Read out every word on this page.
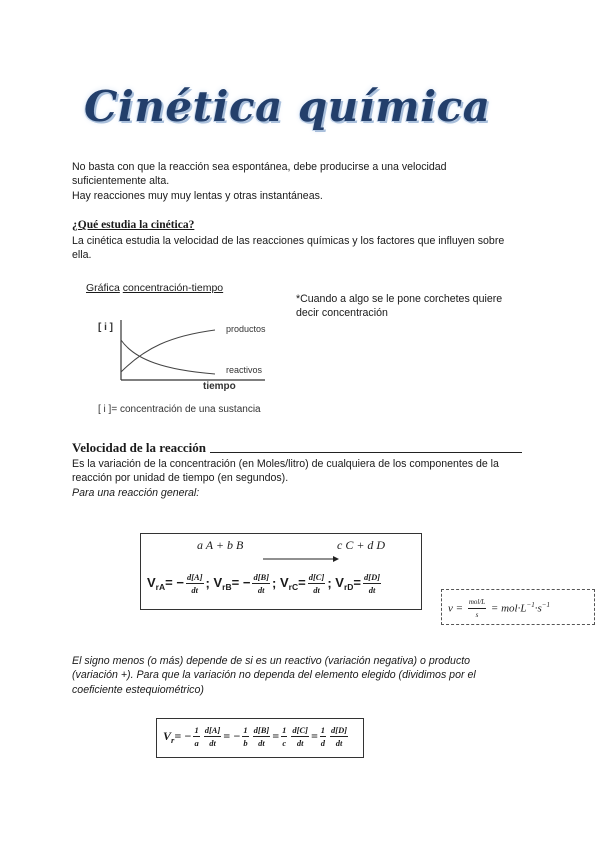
Cinética química
No basta con que la reacción sea espontánea, debe producirse a una velocidad
suficientemente alta.
Hay reacciones muy muy lentas y otras instantáneas.
¿Qué estudia la cinética?
La cinética estudia la velocidad de las reacciones químicas y los factores que influyen sobre
ella.
Gráfica concentración-tiempo
[ i ]	productos
reactivos
tiempo
[ i ]= concentración de una sustancia
*Cuando a algo se le pone corchetes quiere
decir concentración
Velocidad de la reacción
Es la variación de la concentración (en Moles/litro) de cualquiera de los componentes de la
reacción por unidad de tiempo (en segundos).
Para una reacción general:
a A + b B	c C + d D
$V_{rA}= - \frac{d[A]}{dt}$ ; $V_{rB}= - \frac{d[B]}{dt}$ ; $V_{rC}= \frac{d[C]}{dt}$ ; $V_{rD}= \frac{d[D]}{dt}$
$v = \frac{\text{mol/L}}{s} = mol\cdot L^{-1}\cdot s^{-1}$
El signo menos (o más) depende de si es un reactivo (variación negativa) o producto
(variación +). Para que la variación no dependa del elemento elegido (dividimos por el
coeficiente estequiométrico)
$V_r= - \frac{1}{a} \frac{d[A]}{dt}$ = − $\frac{1}{b} \frac{d[B]}{dt} = \frac{1}{c} \frac{d[C]}{dt} = \frac{1}{d} \frac{d[D]}{dt}$
